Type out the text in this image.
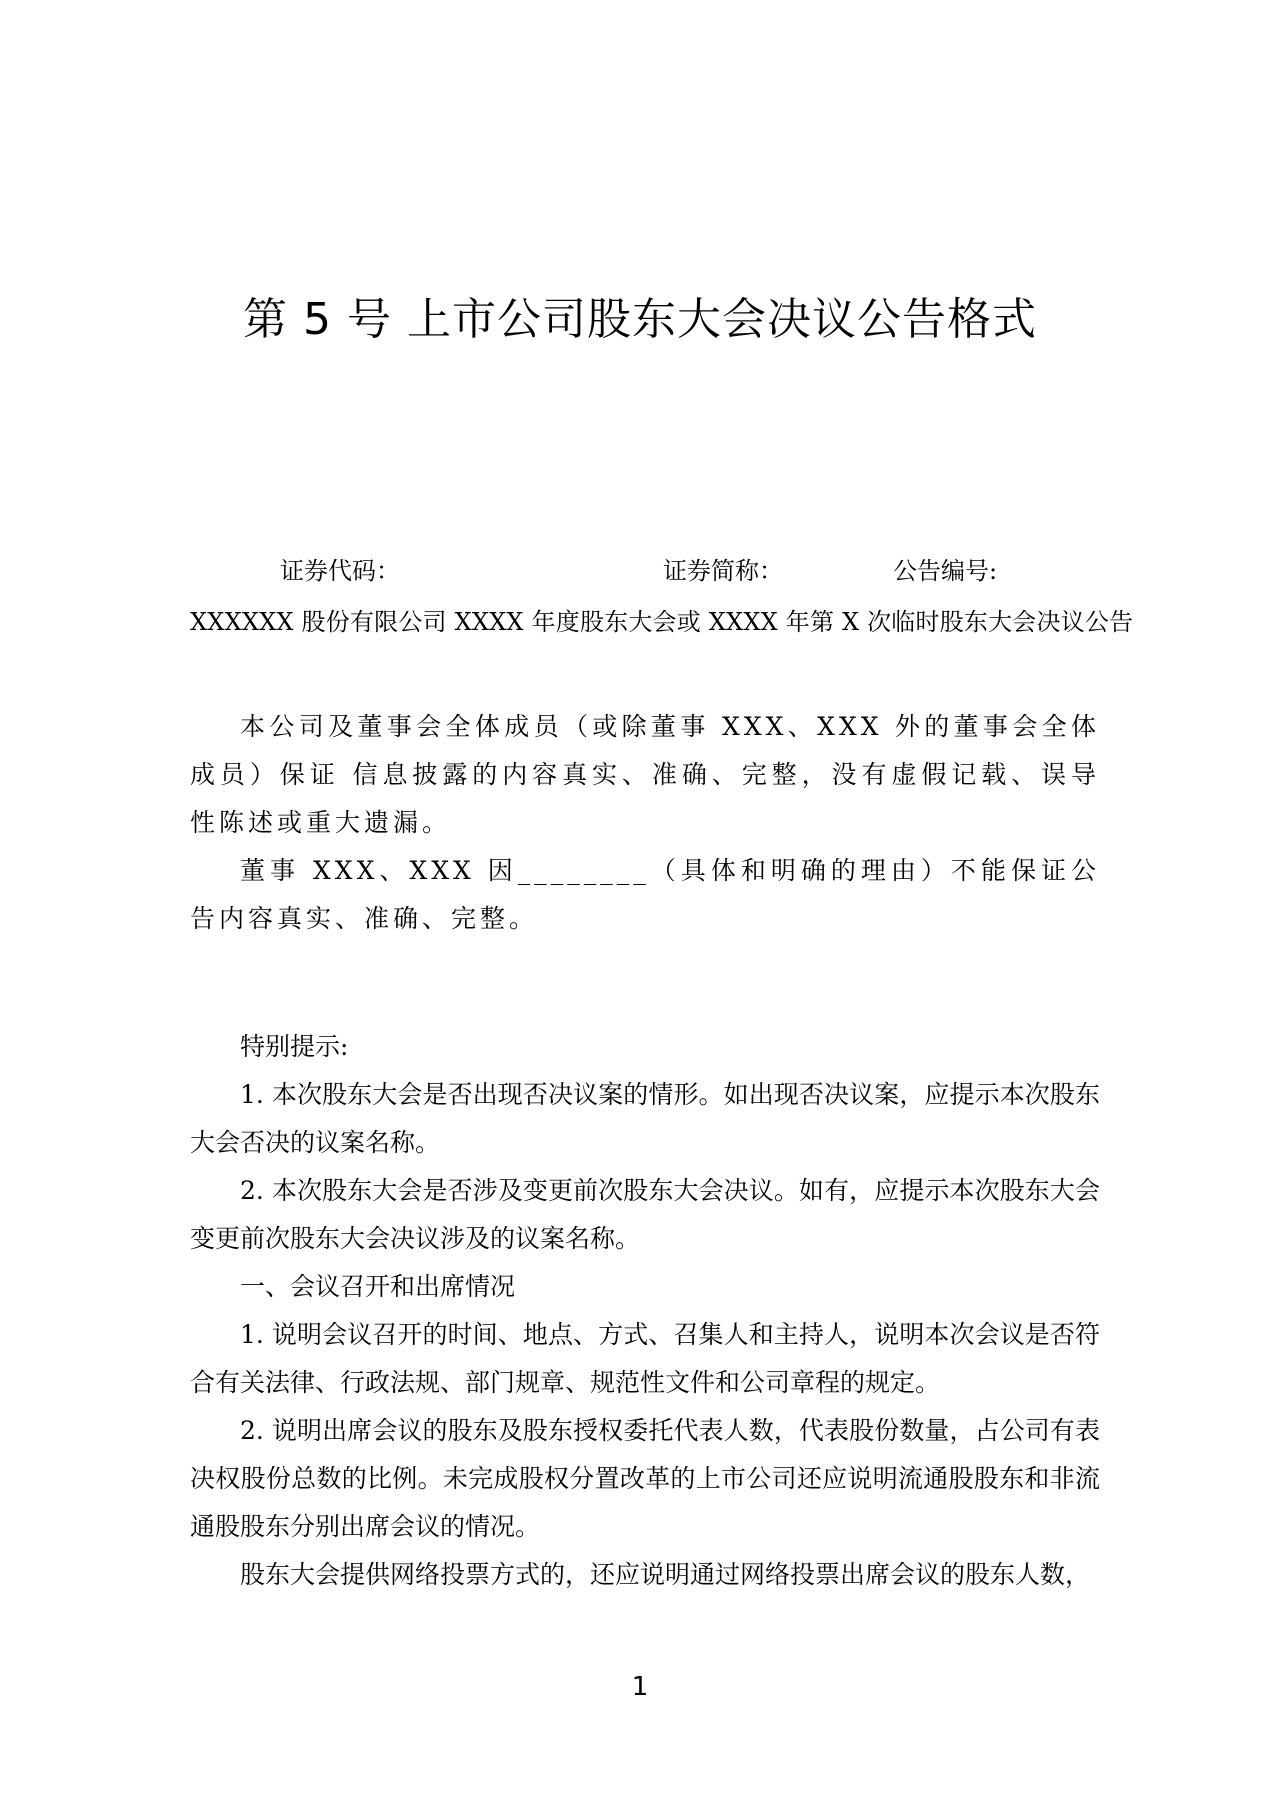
第 5 号 上市公司股东大会决议公告格式
证券代码：	证券简称：	公告编号:
XXXXXX 股份有限公司 XXXX 年度股东大会或 XXXX 年第 X 次临时股东大会决议公告

本公司及董事会全体成员（或除董事 XXX、XXX 外的董事会全体成员）保证 信息披露的内容真实、准确、完整，没有虚假记载、误导性陈述或重大遗漏。

董事 XXX、XXX 因________（具体和明确的理由）不能保证公告内容真实、准确、完整。

特别提示:

1. 本次股东大会是否出现否决议案的情形。如出现否决议案，应提示本次股东大会否决的议案名称。

2. 本次股东大会是否涉及变更前次股东大会决议。如有，应提示本次股东大会变更前次股东大会决议涉及的议案名称。

一、会议召开和出席情况

1. 说明会议召开的时间、地点、方式、召集人和主持人，说明本次会议是否符合有关法律、行政法规、部门规章、规范性文件和公司章程的规定。

2. 说明出席会议的股东及股东授权委托代表人数，代表股份数量，占公司有表决权股份总数的比例。未完成股权分置改革的上市公司还应说明流通股股东和非流通股股东分别出席会议的情况。

股东大会提供网络投票方式的，还应说明通过网络投票出席会议的股东人数，

1
